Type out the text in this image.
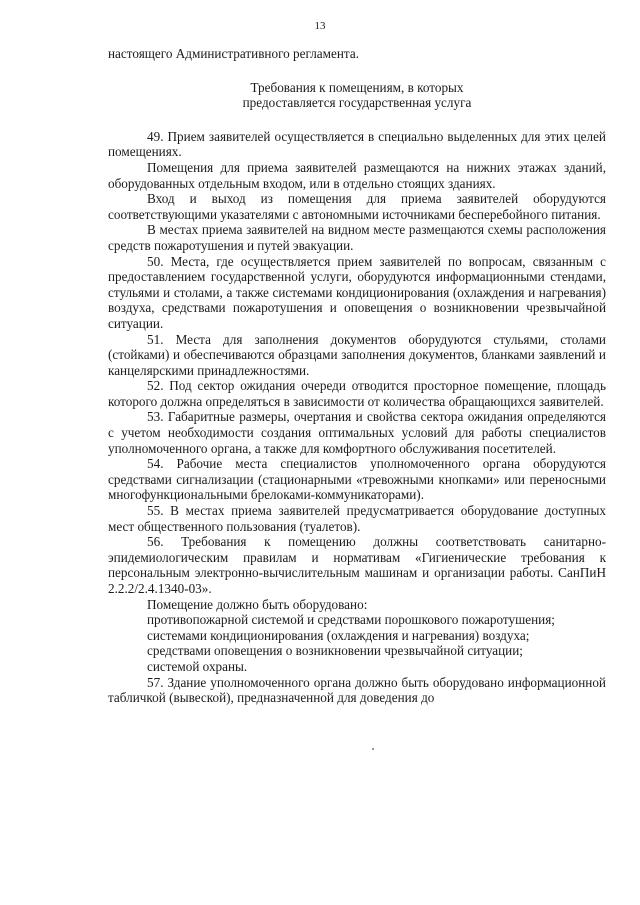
13

настоящего Административного регламента.

Требования к помещениям, в которых
предоставляется государственная услуга

49. Прием заявителей осуществляется в специально выделенных для этих целей помещениях.

Помещения для приема заявителей размещаются на нижних этажах зданий, оборудованных отдельным входом, или в отдельно стоящих зданиях.

Вход и выход из помещения для приема заявителей оборудуются соответствующими указателями с автономными источниками бесперебойного питания.

В местах приема заявителей на видном месте размещаются схемы расположения средств пожаротушения и путей эвакуации.

50. Места, где осуществляется прием заявителей по вопросам, связанным с предоставлением государственной услуги, оборудуются информационными стендами, стульями и столами, а также системами кондиционирования (охлаждения и нагревания) воздуха, средствами пожаротушения и оповещения о возникновении чрезвычайной ситуации.

51. Места для заполнения документов оборудуются стульями, столами (стойками) и обеспечиваются образцами заполнения документов, бланками заявлений и канцелярскими принадлежностями.

52. Под сектор ожидания очереди отводится просторное помещение, площадь которого должна определяться в зависимости от количества обращающихся заявителей.

53. Габаритные размеры, очертания и свойства сектора ожидания определяются с учетом необходимости создания оптимальных условий для работы специалистов уполномоченного органа, а также для комфортного обслуживания посетителей.

54. Рабочие места специалистов уполномоченного органа оборудуются средствами сигнализации (стационарными «тревожными кнопками» или переносными многофункциональными брелоками-коммуникаторами).

55. В местах приема заявителей предусматривается оборудование доступных мест общественного пользования (туалетов).

56. Требования к помещению должны соответствовать санитарно-эпидемиологическим правилам и нормативам «Гигиенические требования к персональным электронно-вычислительным машинам и организации работы. СанПиН 2.2.2/2.4.1340-03».

Помещение должно быть оборудовано:

противопожарной системой и средствами порошкового пожаротушения;
системами кондиционирования (охлаждения и нагревания) воздуха;
средствами оповещения о возникновении чрезвычайной ситуации;
системой охраны.

57. Здание уполномоченного органа должно быть оборудовано информационной табличкой (вывеской), предназначенной для доведения до
